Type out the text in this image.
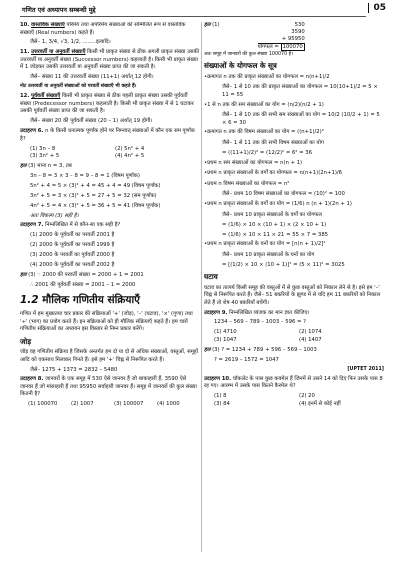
गणित एवं अध्यापन सम्बन्धी मुद्दे	05

10. वास्तविक संख्याएँ परिमेय तथा अपरिमेय संख्याओं को सम्मिलित रूप से वास्तविक संख्याएँ (Real numbers) कहते हैं।

जैसे– 1, 3/4, √3, 1/2, ........इत्यादि।

11. उत्तरवर्ती या अनुवर्ती संख्याएँ किसी भी प्राकृत संख्या से ठीक अगली प्राकृत संख्या उसकी उत्तरवर्ती या अनुवर्ती संख्या (Successor numbers) कहलाती है। किसी भी प्राकृत संख्या में 1 जोड़कर उसकी उत्तरवर्ती या अनुवर्ती संख्या प्राप्त की जा सकती है।

जैसे– संख्या 11 की उत्तरवर्ती संख्या (11+1) अर्थात् 12 होगी।

नोट उत्तरवर्ती या अनुवर्ती संख्याओं को परवर्ती संख्याएँ भी कहते हैं।

12. पूर्ववर्ती संख्याएँ किसी भी प्राकृत संख्या से ठीक पहली प्राकृत संख्या उसकी पूर्ववर्ती संख्या (Predecessor numbers) कहलाती है। किसी भी प्राकृत संख्या में से 1 घटाकर उसकी पूर्ववर्ती संख्या प्राप्त की जा सकती है।

जैसे– संख्या 20 की पूर्ववर्ती संख्या (20 – 1) अर्थात् 19 होगी।

उदाहरण 6. n के किसी धनात्मक पूर्णांक होने पर निम्नवत् संख्याओं में कौन एक सम पूर्णांक है?

(1) 3n – 8	(2) 5n² + 4
(3) 3n² + 5	(4) 4n² + 5

हल (3) माना n = 3, तब

3n – 8 = 3 × 3 – 8 = 9 – 8 = 1 (विषम पूर्णांक)

5n² + 4 = 5 × (3)² + 4 = 45 + 4 = 49 (विषम पूर्णांक)

3n² + 5 = 3 × (3)² + 5 = 27 + 5 = 32 (सम पूर्णांक)

4n² + 5 = 4 × (3)² + 5 = 36 + 5 = 41 (विषम पूर्णांक)

अतः विकल्प (3) सही है।

उदाहरण 7. निम्नलिखित में से कौन-सा एक सही है?

(1) 2000 के पूर्ववर्ती का परवर्ती 2001 है

(2) 2000 के पूर्ववर्ती का परवर्ती 1999 है

(3) 2000 के परवर्ती का पूर्ववर्ती 2000 है

(4) 2000 के पूर्ववर्ती का परवर्ती 2002 है

हल (3) ∵ 2000 की परवर्ती संख्या = 2000 + 1 = 2001

∴ 2001 की पूर्ववर्ती संख्या = 2001 – 1 = 2000

1.2 मौलिक गणितीय संक्रियाएँ

गणित में हम मुख्यतया चार प्रकार की संक्रियाओं '+' (जोड़), '–' (घटाव), '×' (गुणा) तथा '÷' (भाग) का प्रयोग करते हैं। इन संक्रियाओं को ही मौलिक संक्रियाएँ कहते हैं। हम चारों गणितीय संक्रियाओं का अध्ययन इस विस्तार से निम्न प्रकार करेंगे।

जोड़

जोड़ वह गणितीय संक्रिया है जिसके अन्तर्गत हम दो या दो से अधिक संख्याओं, वस्तुओं, समूहों आदि को एकसाथ मिलाकर गिनते हैं। इसे हम '+' चिह्न से निरूपित करते हैं।

जैसे– 1275 + 1373 = 2832 – 5480

उदाहरण 8. जानवरों के एक समूह में 530 ऐसे जानवर हैं जो शाकाहारी हैं, 3590 ऐसे जानवर हैं जो मांसाहारी हैं तथा 95950 सर्वाहारी जानवर हैं। समूह में जानवरों की कुल संख्या कितनी है?

(1) 100070	(2) 1007	(3) 100007	(4) 1000
हल (1)	530
3590
+ 95950
योगफल = 100070

अतः समूह में जानवरों की कुल संख्या 100070 है।

संख्याओं के योगफल के सूत्र

• क्रमागत n तक की प्राकृत संख्याओं का योगफल = n(n+1)/2

जैसे– 1 से 10 तक की प्राकृत संख्याओं का योगफल = 10(10+1)/2 = 5 × 11 = 55

• 1 से n तक की सम संख्याओं का योग = (n/2)(n/2 + 1)

जैसे– 1 से 10 तक की सभी सम संख्याओं का योग = 10/2 (10/2 + 1) = 5 × 6 = 30

• क्रमागत n तक की विषम संख्याओं का योग = ((n+1)/2)²

जैसे– 1 से 11 तक की सभी विषम संख्याओं का योग

= ((11+1)/2)² = (12/2)² = 6² = 36

• प्रथम n सम संख्याओं का योगफल = n(n + 1)

• प्रथम n प्राकृत संख्याओं के वर्गों का योगफल = n(n+1)(2n+1)/6

• प्रथम n विषम संख्याओं का योगफल = n²

जैसे– प्रथम 10 विषम संख्याओं का योगफल = (10)² = 100

• प्रथम n प्राकृत संख्याओं के वर्गों का योग = (1/6) n (n + 1)(2n + 1)

जैसे– प्रथम 10 प्राकृत संख्याओं के वर्गों का योगफल

= (1/6) × 10 × (10 + 1) × (2 × 10 + 1)

= (1/6) × 10 × 11 × 21 = 55 × 7 = 385

• प्रथम n प्राकृत संख्याओं के घनों का योग = [n(n + 1)/2]²

जैसे– प्रथम 10 प्राकृत संख्याओं के घनों का योग

= [(1/2) × 10 × (10 + 1)]² = (5 × 11)² = 3025

घटाव

घटाव का तात्पर्य किसी समूह की वस्तुओं में से कुछ वस्तुओं को निकाल लेने से है। इसे हम '–' चिह्न से निरूपित करते हैं। जैसे– 51 बकरियों के झुण्ड में से यदि हम 11 बकरियों को निकाल लेते हैं तो शेष 40 बकरियाँ बचेंगी।

उदाहरण 9. निम्नलिखित व्यंजक का मान ज्ञात कीजिए।

1234 – 569 – 789 – 1003 – 596 = ?

(1) 4710	(2) 1074
(3) 1047	(4) 1407

हल (3) ? = 1234 + 789 + 596 – 569 – 1003

? = 2619 – 1572 = 1047

[UPTET 2011]

उदाहरण 10. चॉकलेट के पास कुछ कवमेल हैं जिनमें से उसने 14 को दिए फिर उसके पास 8 रह गए। आरम्भ में उसके पास कितने कैरमेल थे?

(1) 8	(2) 20
(3) 84	(4) इनमें से कोई नहीं
